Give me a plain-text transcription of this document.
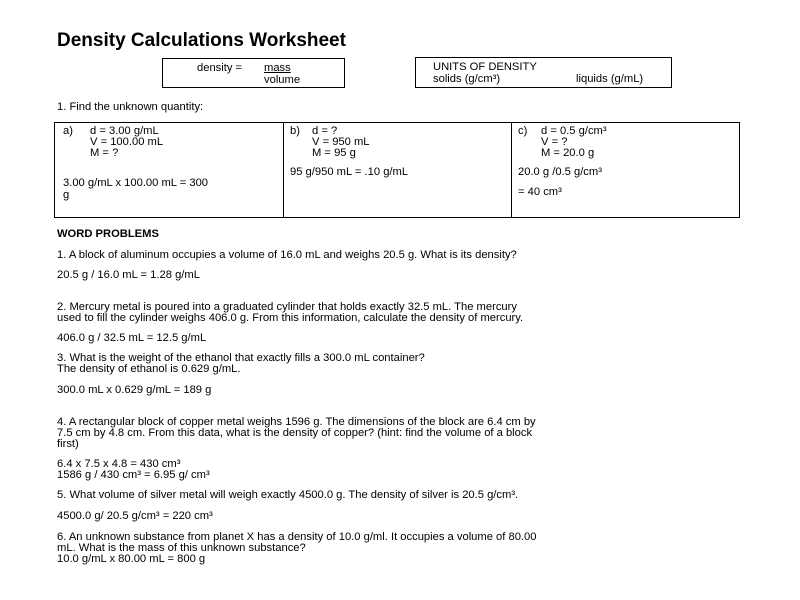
Density Calculations Worksheet
density = mass
volume
UNITS OF DENSITY
solids (g/cm³)	liquids (g/mL)
1. Find the unknown quantity:
a) d = 3.00 g/mL
V = 100.00 mL
M = ?
3.00 g/mL x 100.00 mL = 300
g
b) d = ?
V = 950 mL
M = 95 g
95 g/950 mL = .10 g/mL
c) d = 0.5 g/cm³
V = ?
M = 20.0 g
20.0 g /0.5 g/cm³
= 40 cm³
WORD PROBLEMS
1. A block of aluminum occupies a volume of 16.0 mL and weighs 20.5 g. What is its density?
20.5 g / 16.0 mL = 1.28 g/mL
2. Mercury metal is poured into a graduated cylinder that holds exactly 32.5 mL. The mercury
used to fill the cylinder weighs 406.0 g. From this information, calculate the density of mercury.
406.0 g / 32.5 mL = 12.5 g/mL
3. What is the weight of the ethanol that exactly fills a 300.0 mL container?
The density of ethanol is 0.629 g/mL.
300.0 mL x 0.629 g/mL = 189 g
4. A rectangular block of copper metal weighs 1596 g. The dimensions of the block are 6.4 cm by
7.5 cm by 4.8 cm. From this data, what is the density of copper? (hint: find the volume of a block
first)
6.4 x 7.5 x 4.8 = 430 cm³
1586 g / 430 cm³ = 6.95 g/ cm³
5. What volume of silver metal will weigh exactly 4500.0 g. The density of silver is 20.5 g/cm³.
4500.0 g/ 20.5 g/cm³ = 220 cm³
6. An unknown substance from planet X has a density of 10.0 g/ml. It occupies a volume of 80.00
mL. What is the mass of this unknown substance?
10.0 g/mL x 80.00 mL = 800 g
